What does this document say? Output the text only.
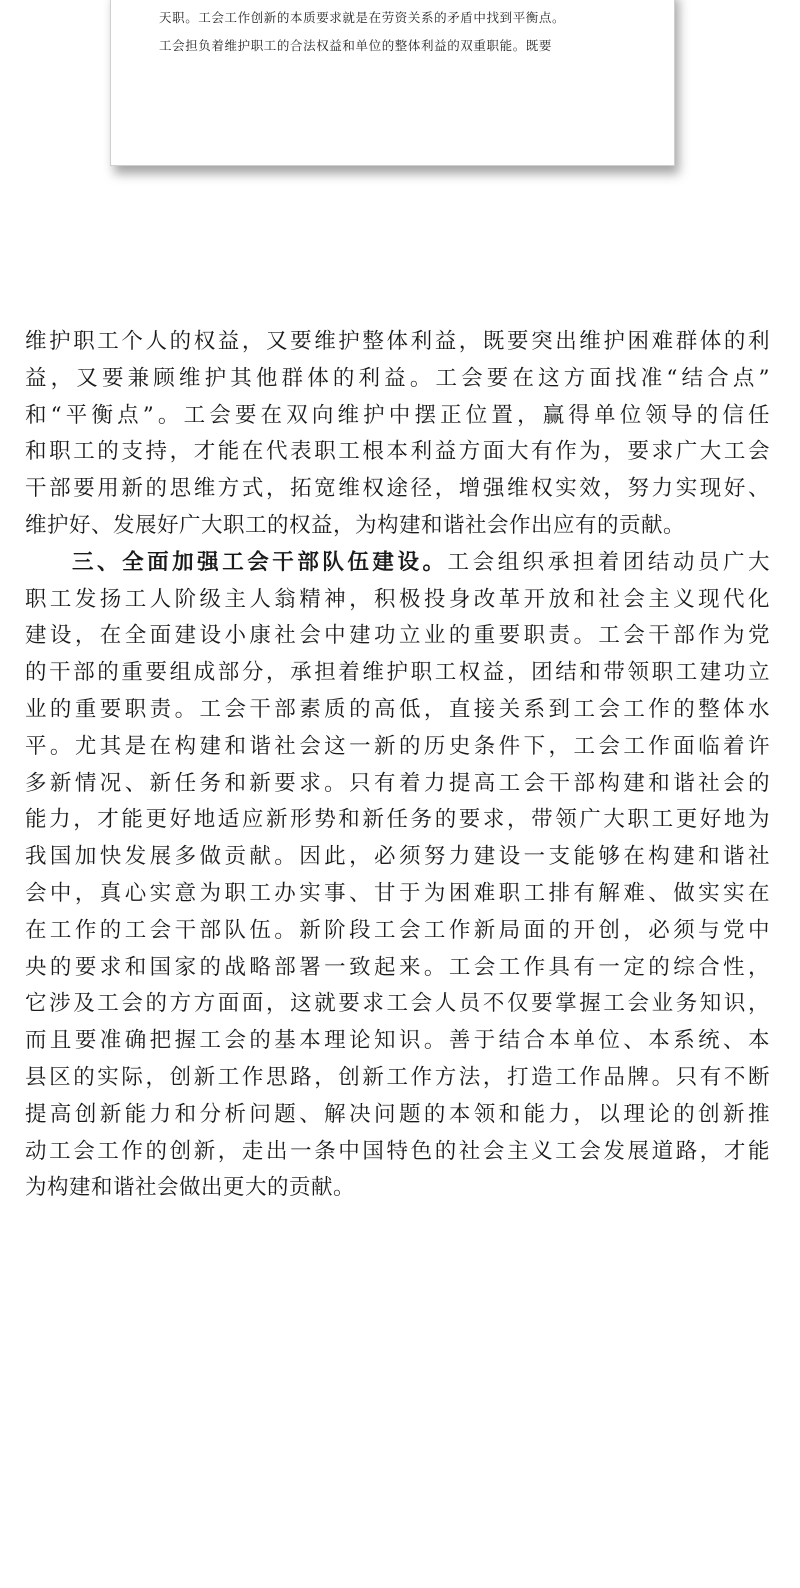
天职。工会工作创新的本质要求就是在劳资关系的矛盾中找到平衡点。
工会担负着维护职工的合法权益和单位的整体利益的双重职能。既要
维护职工个人的权益，又要维护整体利益，既要突出维护困难群体的利
益，又要兼顾维护其他群体的利益。工会要在这方面找准“结合点”
和“平衡点”。工会要在双向维护中摆正位置，赢得单位领导的信任
和职工的支持，才能在代表职工根本利益方面大有作为，要求广大工会
干部要用新的思维方式，拓宽维权途径，增强维权实效，努力实现好、
维护好、发展好广大职工的权益，为构建和谐社会作出应有的贡献。
三、全面加强工会干部队伍建设。工会组织承担着团结动员广大
职工发扬工人阶级主人翁精神，积极投身改革开放和社会主义现代化
建设，在全面建设小康社会中建功立业的重要职责。工会干部作为党
的干部的重要组成部分，承担着维护职工权益，团结和带领职工建功立
业的重要职责。工会干部素质的高低，直接关系到工会工作的整体水
平。尤其是在构建和谐社会这一新的历史条件下，工会工作面临着许
多新情况、新任务和新要求。只有着力提高工会干部构建和谐社会的
能力，才能更好地适应新形势和新任务的要求，带领广大职工更好地为
我国加快发展多做贡献。因此，必须努力建设一支能够在构建和谐社
会中，真心实意为职工办实事、甘于为困难职工排有解难、做实实在
在工作的工会干部队伍。新阶段工会工作新局面的开创，必须与党中
央的要求和国家的战略部署一致起来。工会工作具有一定的综合性，
它涉及工会的方方面面，这就要求工会人员不仅要掌握工会业务知识，
而且要准确把握工会的基本理论知识。善于结合本单位、本系统、本
县区的实际，创新工作思路，创新工作方法，打造工作品牌。只有不断
提高创新能力和分析问题、解决问题的本领和能力，以理论的创新推
动工会工作的创新，走出一条中国特色的社会主义工会发展道路，才能
为构建和谐社会做出更大的贡献。
